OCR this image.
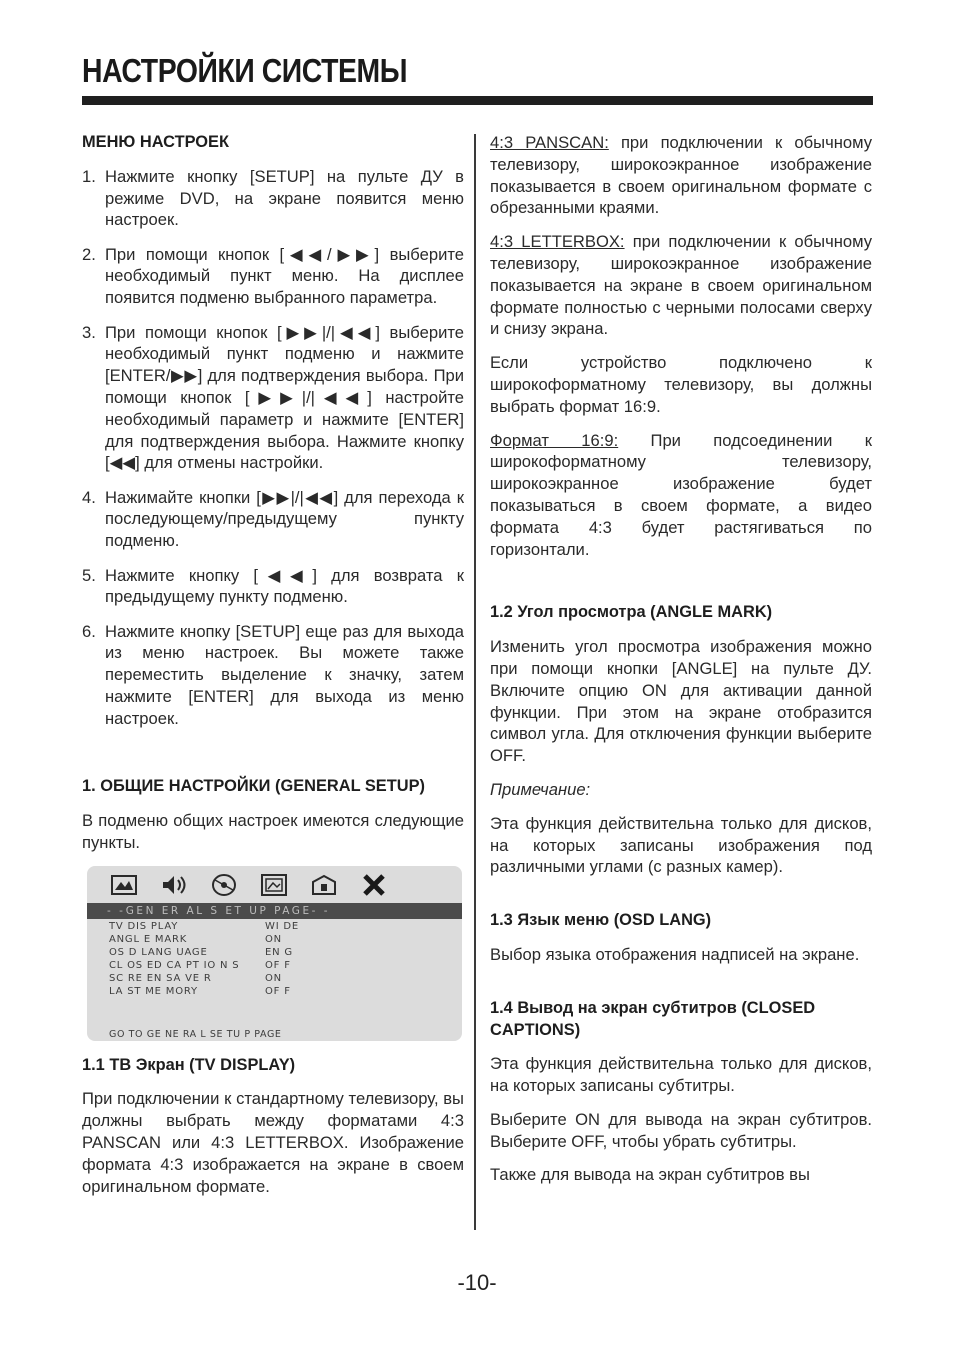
НАСТРОЙКИ СИСТЕМЫ
МЕНЮ НАСТРОЕК
1. Нажмите кнопку [SETUP] на пульте ДУ в режиме DVD, на экране появится меню настроек.
2. При помощи кнопок [◀◀/▶▶] выберите необходимый пункт меню. На дисплее появится подменю выбранного параметра.
3. При помощи кнопок [▶▶|/|◀◀] выберите необходимый пункт подменю и нажмите [ENTER/▶▶] для подтверждения выбора. При помощи кнопок [▶▶|/|◀◀] настройте необходимый параметр и нажмите [ENTER] для подтверждения выбора. Нажмите кнопку [◀◀] для отмены настройки.
4. Нажимайте кнопки [▶▶|/|◀◀] для перехода к последующему/предыдущему пункту подменю.
5. Нажмите кнопку [◀◀] для возврата к предыдущему пункту подменю.
6. Нажмите кнопку [SETUP] еще раз для выхода из меню настроек. Вы можете также переместить выделение к значку, затем нажмите [ENTER] для выхода из меню настроек.
1. ОБЩИЕ НАСТРОЙКИ (GENERAL SETUP)

В подменю общих настроек имеются следующие пункты.

- -GEN ER AL S ET UP PAGE- -
TV DIS PLAY	WI DE
ANGL E MARK	ON
OS D LANG UAGE	EN G
CL OS ED CA PT IO N S	OF F
SC RE EN SA VE R	ON
LA ST ME MORY	OF F
GO TO GE NE RA L SE TU P PAGE
1.1 ТВ Экран (TV DISPLAY)

При подключении к стандартному телевизору, вы должны выбрать между форматами 4:3 PANSCAN или 4:3 LETTERBOX. Изображение формата 4:3 изображается на экране в своем оригинальном формате.

4:3 PANSCAN: при подключении к обычному телевизору, широкоэкранное изображение показывается в своем оригинальном формате с обрезанными краями.

4:3 LETTERBOX: при подключении к обычному телевизору, широкоэкранное изображение показывается на экране в своем оригинальном формате полностью с черными полосами сверху и снизу экрана.

Если устройство подключено к широкоформатному телевизору, вы должны выбрать формат 16:9.

Формат 16:9: При подсоединении к широкоформатному телевизору, широкоэкранное изображение будет показываться в своем формате, а видео формата 4:3 будет растягиваться по горизонтали.

1.2 Угол просмотра (ANGLE MARK)

Изменить угол просмотра изображения можно при помощи кнопки [ANGLE] на пульте ДУ. Включите опцию ON для активации данной функции. При этом на экране отобразится символ угла. Для отключения функции выберите OFF.

Примечание:

Эта функция действительна только для дисков, на которых записаны изображения под различными углами (с разных камер).

1.3 Язык меню (OSD LANG)

Выбор языка отображения надписей на экране.

1.4 Вывод на экран субтитров (CLOSED CAPTIONS)

Эта функция действительна только для дисков, на которых записаны субтитры.

Выберите ON для вывода на экран субтитров. Выберите OFF, чтобы убрать субтитры.

Также для вывода на экран субтитров вы

-10-
